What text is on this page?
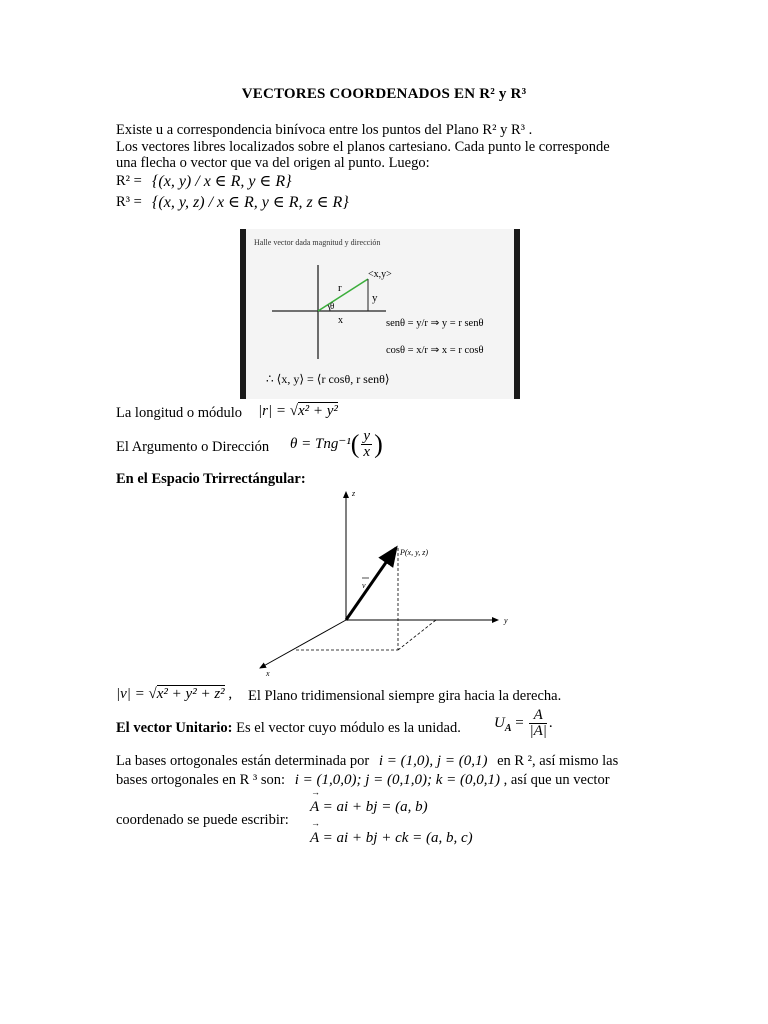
VECTORES COORDENADOS EN R² y R³
Existe u a correspondencia binívoca entre los puntos del Plano R² y R³ .
Los vectores libres localizados sobre el planos cartesiano. Cada punto le corresponde
una flecha o vector que va del origen al punto. Luego:
R² = {(x, y) / x ∈ R, y ∈ R}
R³ = {(x, y, z) / x ∈ R, y ∈ R, z ∈ R}
Halle vector dada magnitud y dirección
r
<x,y>
y
θ
x	senθ = y/r ⇒ y = r senθ
cosθ = x/r ⇒ x = r cosθ
∴ ⟨x, y⟩ = ⟨r cosθ, r senθ⟩
La longitud o módulo |r| = √x² + y²
El Argumento o Dirección $\theta = Tng^{-1}( \frac{y}{x}$ )
En el Espacio Trirrectángular:
z
y
x
P(x, y, z)
v
|v| = √x² + y² + z² , El Plano tridimensional siempre gira hacia la derecha.
El vector Unitario: Es el vector cuyo módulo es la unidad. $U_A = \frac{A}{|A|}$ .
La bases ortogonales están determinada por i = (1,0), j = (0,1) en R ², así mismo las
bases ortogonales en R ³ son: i = (1,0,0); j = (0,1,0); k = (0,0,1) , así que un vector
coordenado se puede escribir:
→
A = ai + bj = (a, b)
→
A = ai + bj + ck = (a, b, c)
